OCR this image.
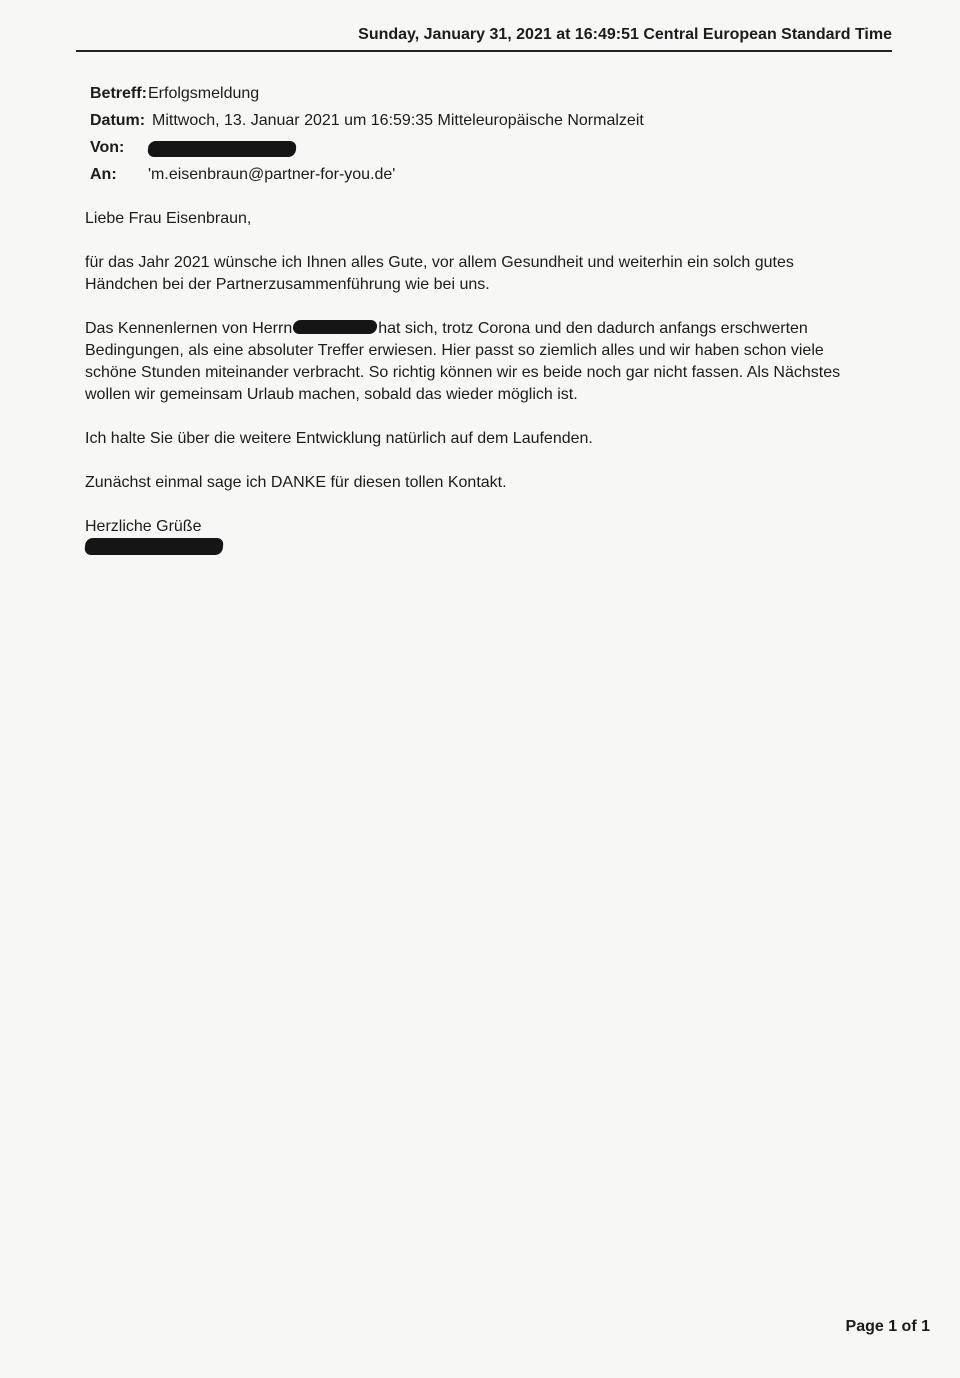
Sunday, January 31, 2021 at 16:49:51 Central European Standard Time
Betreff: Erfolgsmeldung
Datum: Mittwoch, 13. Januar 2021 um 16:59:35 Mitteleuropäische Normalzeit
Von:
An:	'm.eisenbraun@partner-for-you.de'

Liebe Frau Eisenbraun,

für das Jahr 2021 wünsche ich Ihnen alles Gute, vor allem Gesundheit und weiterhin ein solch gutes
Händchen bei der Partnerzusammenführung wie bei uns.

Das Kennenlernen von Herrn	hat sich, trotz Corona und den dadurch anfangs erschwerten
Bedingungen, als eine absoluter Treffer erwiesen. Hier passt so ziemlich alles und wir haben schon viele
schöne Stunden miteinander verbracht. So richtig können wir es beide noch gar nicht fassen. Als Nächstes
wollen wir gemeinsam Urlaub machen, sobald das wieder möglich ist.

Ich halte Sie über die weitere Entwicklung natürlich auf dem Laufenden.

Zunächst einmal sage ich DANKE für diesen tollen Kontakt.

Herzliche Grüße

Page 1 of 1
